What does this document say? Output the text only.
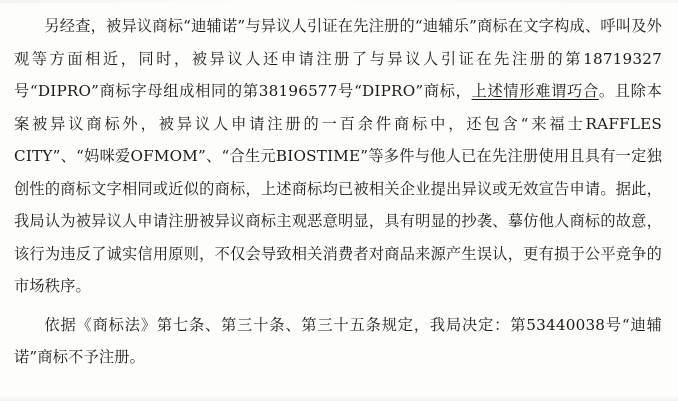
另经查，被异议商标“迪辅诺”与异议人引证在先注册的“迪辅乐”商标在文字构成、呼叫及外观等方面相近，同时，被异议人还申请注册了与异议人引证在先注册的第18719327号“DIPRO”商标字母组成相同的第38196577号“DIPRO”商标，上述情形难谓巧合。且除本案被异议商标外，被异议人申请注册的一百余件商标中，还包含“来福士RAFFLES　CITY”、“妈咪爱OFMOM”、“合生元BIOSTIME”等多件与他人已在先注册使用且具有一定独创性的商标文字相同或近似的商标，上述商标均已被相关企业提出异议或无效宣告申请。据此，我局认为被异议人申请注册被异议商标主观恶意明显，具有明显的抄袭、摹仿他人商标的故意，该行为违反了诚实信用原则，不仅会导致相关消费者对商品来源产生误认，更有损于公平竞争的市场秩序。

依据《商标法》第七条、第三十条、第三十五条规定，我局决定：第53440038号“迪辅诺”商标不予注册。
